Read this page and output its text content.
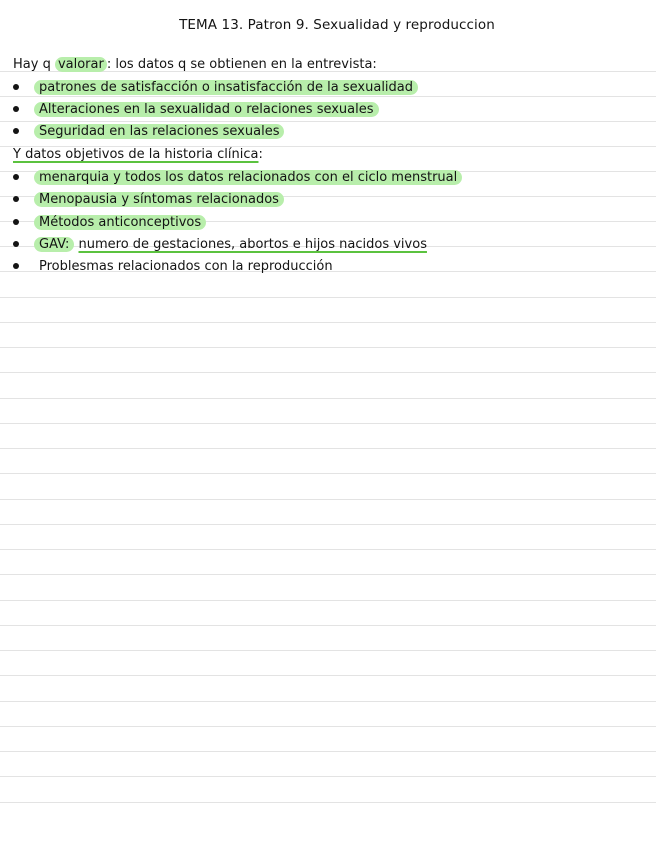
TEMA 13. Patron 9. Sexualidad y reproduccion
Hay q valorar : los datos q se obtienen en la entrevista:
patrones de satisfacción o insatisfacción de la sexualidad
Alteraciones en la sexualidad o relaciones sexuales
Seguridad en las relaciones sexuales
Y datos objetivos de la historia clínica:
menarquia y todos los datos relacionados con el ciclo menstrual
Menopausia y síntomas relacionados
Métodos anticonceptivos
GAV: numero de gestaciones, abortos e hijos nacidos vivos
Problesmas relacionados con la reproducción
